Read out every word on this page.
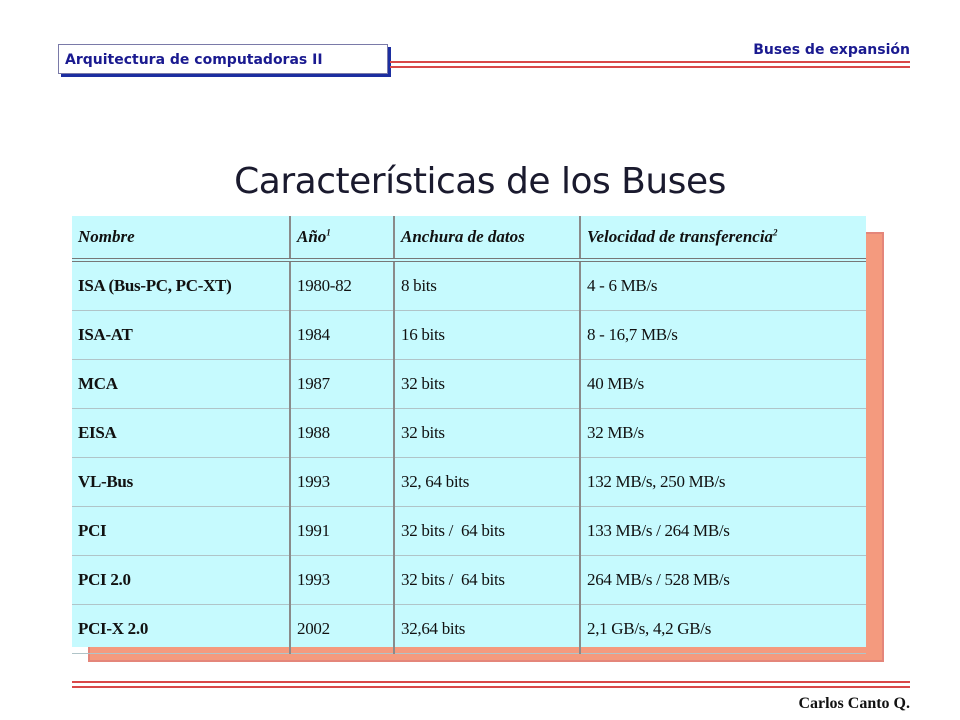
Arquitectura de computadoras II
Buses de expansión
Características de los Buses
Nombre	Año$^1$	Anchura de datos	Velocidad de transferencia$^2$
ISA (Bus-PC, PC-XT)	1980-82	8 bits	4 - 6 MB/s
ISA-AT	1984	16 bits	8 - 16,7 MB/s
MCA	1987	32 bits	40 MB/s
EISA	1988	32 bits	32 MB/s
VL-Bus	1993	32, 64 bits	132 MB/s, 250 MB/s
PCI	1991	32 bits /  64 bits	133 MB/s / 264 MB/s
PCI 2.0	1993	32 bits /  64 bits	264 MB/s / 528 MB/s
PCI-X 2.0	2002	32,64 bits	2,1 GB/s, 4,2 GB/s
Carlos Canto Q.
